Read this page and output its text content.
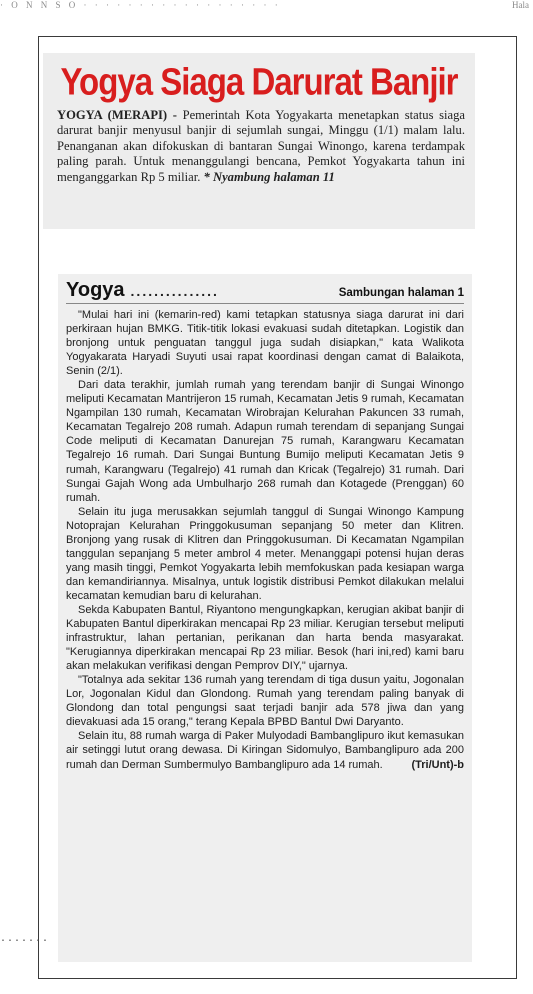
· O N N S O · · · · · · · · · · · · · · · · · ·	Hala
·······
Yogya Siaga Darurat Banjir
YOGYA (MERAPI) - Pemerintah Kota Yogyakarta menetapkan status siaga darurat banjir menyusul banjir di sejumlah sungai, Minggu (1/1) malam lalu. Penanganan akan difokuskan di bantaran Sungai Winongo, karena terdampak paling parah. Untuk menanggulangi bencana, Pemkot Yogyakarta tahun ini menganggarkan Rp 5 miliar. * Nyambung halaman 11
Yogya ...............	Sambungan halaman 1

"Mulai hari ini (kemarin-red) kami tetapkan statusnya siaga darurat ini dari perkiraan hujan BMKG. Titik-titik lokasi evakuasi sudah ditetapkan. Logistik dan bronjong untuk penguatan tanggul juga sudah disiapkan," kata Walikota Yogyakarata Haryadi Suyuti usai rapat koordinasi dengan camat di Balaikota, Senin (2/1).

Dari data terakhir, jumlah rumah yang terendam banjir di Sungai Winongo meliputi Kecamatan Mantrijeron 15 rumah, Kecamatan Jetis 9 rumah, Kecamatan Ngampilan 130 rumah, Kecamatan Wirobrajan Kelurahan Pakuncen 33 rumah, Kecamatan Tegalrejo 208 rumah. Adapun rumah terendam di sepanjang Sungai Code meliputi di Kecamatan Danurejan 75 rumah, Karangwaru Kecamatan Tegalrejo 16 rumah. Dari Sungai Buntung Bumijo meliputi Kecamatan Jetis 9 rumah, Karangwaru (Tegalrejo) 41 rumah dan Kricak (Tegalrejo) 31 rumah. Dari Sungai Gajah Wong ada Umbulharjo 268 rumah dan Kotagede (Prenggan) 60 rumah.

Selain itu juga merusakkan sejumlah tanggul di Sungai Winongo Kampung Notoprajan Kelurahan Pringgokusuman sepanjang 50 meter dan Klitren. Bronjong yang rusak di Klitren dan Pringgokusuman. Di Kecamatan Ngampilan tanggulan sepanjang 5 meter ambrol 4 meter. Menanggapi potensi hujan deras yang masih tinggi, Pemkot Yogyakarta lebih memfokuskan pada kesiapan warga dan kemandiriannya. Misalnya, untuk logistik distribusi Pemkot dilakukan melalui kecamatan kemudian baru di kelurahan.

Sekda Kabupaten Bantul, Riyantono mengungkapkan, kerugian akibat banjir di Kabupaten Bantul diperkirakan mencapai Rp 23 miliar. Kerugian tersebut meliputi infrastruktur, lahan pertanian, perikanan dan harta benda masyarakat. "Kerugiannya diperkirakan mencapai Rp 23 miliar. Besok (hari ini,red) kami baru akan melakukan verifikasi dengan Pemprov DIY," ujarnya.

"Totalnya ada sekitar 136 rumah yang terendam di tiga dusun yaitu, Jogonalan Lor, Jogonalan Kidul dan Glondong. Rumah yang terendam paling banyak di Glondong dan total pengungsi saat terjadi banjir ada 578 jiwa dan yang dievakuasi ada 15 orang," terang Kepala BPBD Bantul Dwi Daryanto.

Selain itu, 88 rumah warga di Paker Mulyodadi Bambanglipuro ikut kemasukan air setinggi lutut orang dewasa. Di Kiringan Sidomulyo, Bambanglipuro ada 200 rumah dan Derman Sumbermulyo Bambanglipuro ada 14 rumah.	(Tri/Unt)-b
